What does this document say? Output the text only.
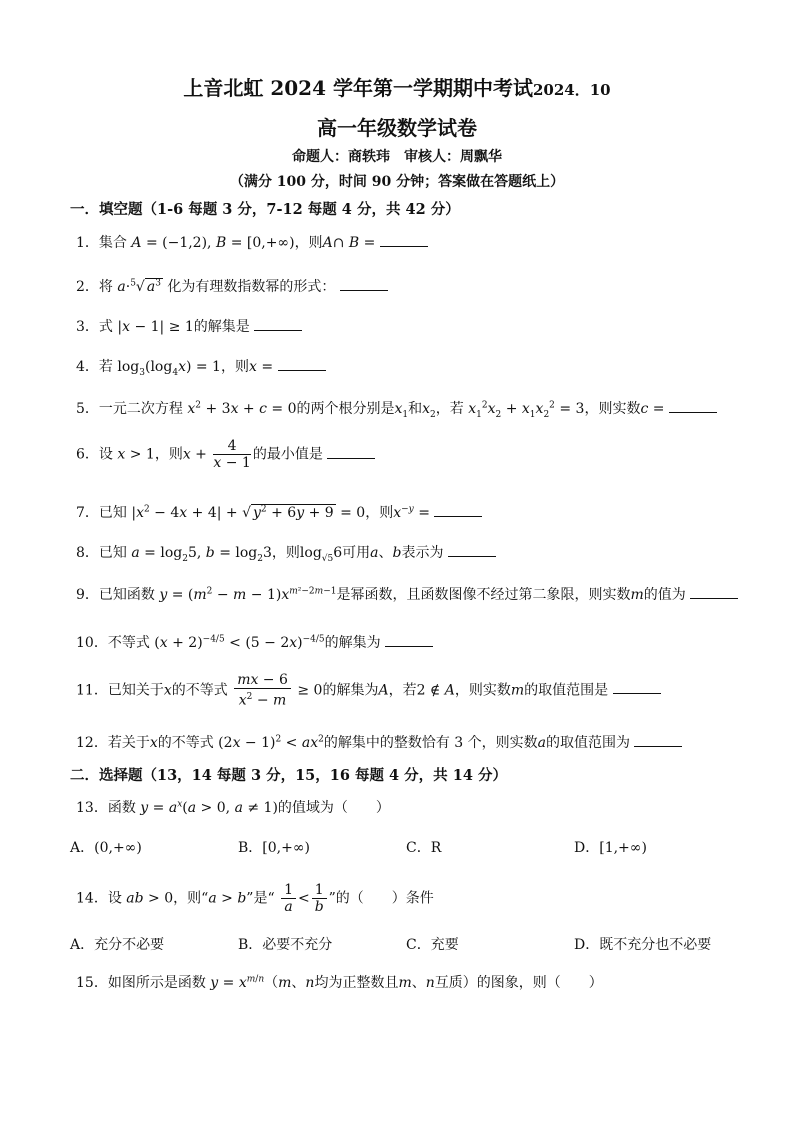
上音北虹 2024 学年第一学期期中考试2024．10
高一年级数学试卷
命题人：商轶玮　审核人：周飘华
（满分 100 分，时间 90 分钟；答案做在答题纸上）
一．填空题（1-6 每题 3 分，7-12 每题 4 分，共 42 分）
1．集合 A = (−1,2), B = [0,+∞)，则A∩ B =
2．将 a·$^5$√ $a^3$ 化为有理数指数幂的形式：
3．式 |x − 1| ≥ 1的解集是
4．若 $\log_3(\log_4x) = 1$，则x =
5．一元二次方程 $x^2 + 3x + c = 0$的两个根分别是$x_1$和$x_2$，若 $x_1^2x_2 + x_1x_2^2 = 3$，则实数c =
6．设 x > 1，则$x + \frac{4}{x - 1}$ 的最小值是
7．已知 $|x^2 - 4x + 4|$ + √ $y^2 + 6y + 9 = 0$，则$x^{-y}$ =
8．已知 $a = \log_25$, $b = \log_23$，则$\log_{√5}6$可用a、b表示为
9．已知函数 $y = (m^2 - m - 1)x^{m^2-2m-1}$是幂函数，且函数图像不经过第二象限，则实数m的值为
10．不等式 $(x + 2)^{-4/5} < (5 - 2x)^{-4/5}$的解集为
11．已知关于x的不等式 $\frac{mx - 6}{x^2 - m} \ge 0$的解集为A，若2 ∉ A，则实数m的取值范围是
12．若关于x的不等式 $(2x - 1)^2 < ax^2$的解集中的整数恰有 3 个，则实数a的取值范围为
二．选择题（13，14 每题 3 分，15，16 每题 4 分，共 14 分）
13．函数 $y = a^x(a > 0$, a ≠ 1)的值域为（　　）
A．(0,+∞)	B．[0,+∞)	C．R	D．[1,+∞)
14．设 ab > 0，则“a > b”是“ $\frac{1}{a} < \frac{1}{b}$ ”的（　　）条件
A．充分不必要	B．必要不充分	C．充要	D．既不充分也不必要
15．如图所示是函数 $y = x^{m/n}(m$、n均为正整数且m、n互质）的图象，则（　　）
